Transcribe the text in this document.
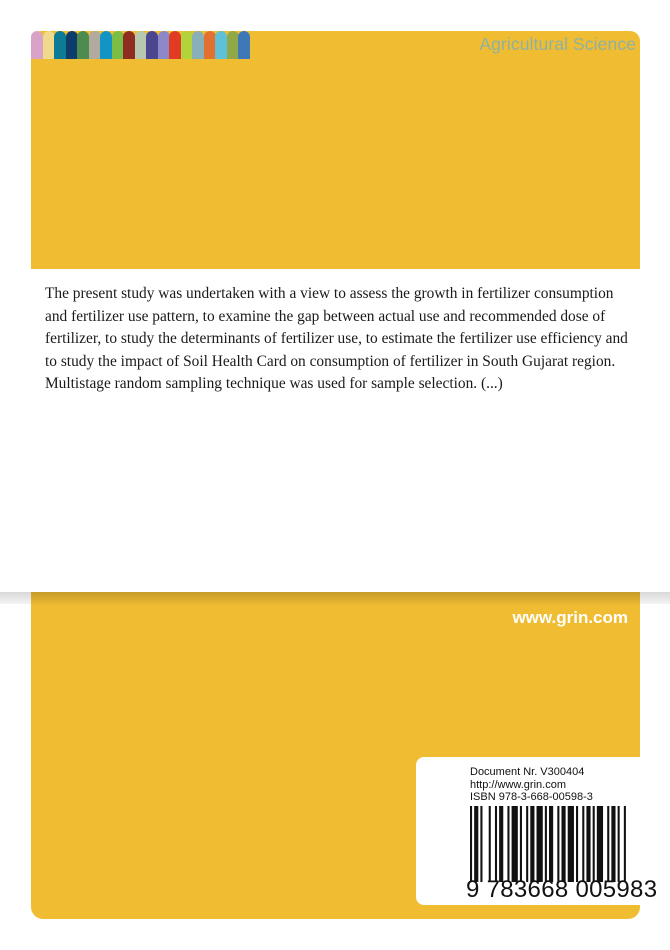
Agricultural Science

The present study was undertaken with a view to assess the growth in fertilizer consumption and fertilizer use pattern, to examine the gap between actual use and recommended dose of fertilizer, to study the determinants of fertilizer use, to estimate the fertilizer use efficiency and to study the impact of Soil Health Card on consumption of fertilizer in South Gujarat region. Multistage random sampling technique was used for sample selection. (...)

www.grin.com
Document Nr. V300404
http://www.grin.com
ISBN 978-3-668-00598-3
9 783668 005983
